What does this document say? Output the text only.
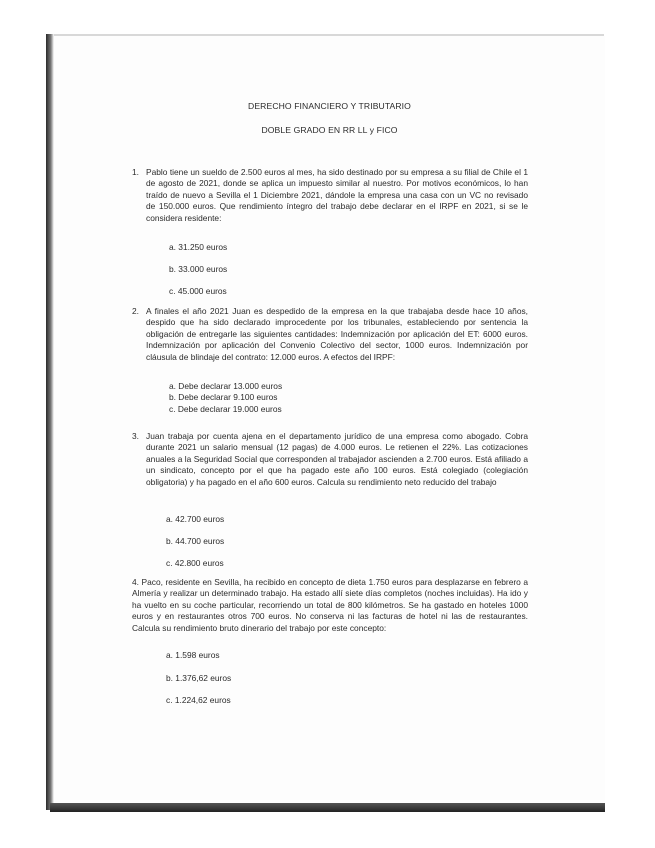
DERECHO FINANCIERO Y TRIBUTARIO
DOBLE GRADO EN RR LL y FICO
1. Pablo tiene un sueldo de 2.500 euros al mes, ha sido destinado por su empresa a su filial de Chile el 1 de agosto de 2021, donde se aplica un impuesto similar al nuestro. Por motivos económicos, lo han traído de nuevo a Sevilla el 1 Diciembre 2021, dándole la empresa una casa con un VC no revisado de 150.000 euros. Que rendimiento íntegro del trabajo debe declarar en el IRPF en 2021, si se le considera residente:
a. 31.250 euros
b. 33.000 euros
c. 45.000 euros
2. A finales el año 2021 Juan es despedido de la empresa en la que trabajaba desde hace 10 años, despido que ha sido declarado improcedente por los tribunales, estableciendo por sentencia la obligación de entregarle las siguientes cantidades: Indemnización por aplicación del ET: 6000 euros. Indemnización por aplicación del Convenio Colectivo del sector, 1000 euros. Indemnización por cláusula de blindaje del contrato: 12.000 euros. A efectos del IRPF:
a. Debe declarar 13.000 euros
b. Debe declarar 9.100 euros
c. Debe declarar 19.000 euros
3. Juan trabaja por cuenta ajena en el departamento jurídico de una empresa como abogado. Cobra durante 2021 un salario mensual (12 pagas) de 4.000 euros. Le retienen el 22%. Las cotizaciones anuales a la Seguridad Social que corresponden al trabajador ascienden a 2.700 euros. Está afiliado a un sindicato, concepto por el que ha pagado este año 100 euros. Está colegiado (colegiación obligatoria) y ha pagado en el año 600 euros. Calcula su rendimiento neto reducido del trabajo
a. 42.700 euros
b. 44.700 euros
c. 42.800 euros
4. Paco, residente en Sevilla, ha recibido en concepto de dieta 1.750 euros para desplazarse en febrero a Almería y realizar un determinado trabajo. Ha estado allí siete días completos (noches incluidas). Ha ido y ha vuelto en su coche particular, recorriendo un total de 800 kilómetros. Se ha gastado en hoteles 1000 euros y en restaurantes otros 700 euros. No conserva ni las facturas de hotel ni las de restaurantes. Calcula su rendimiento bruto dinerario del trabajo por este concepto:
a. 1.598 euros
b. 1.376,62 euros
c. 1.224,62 euros
